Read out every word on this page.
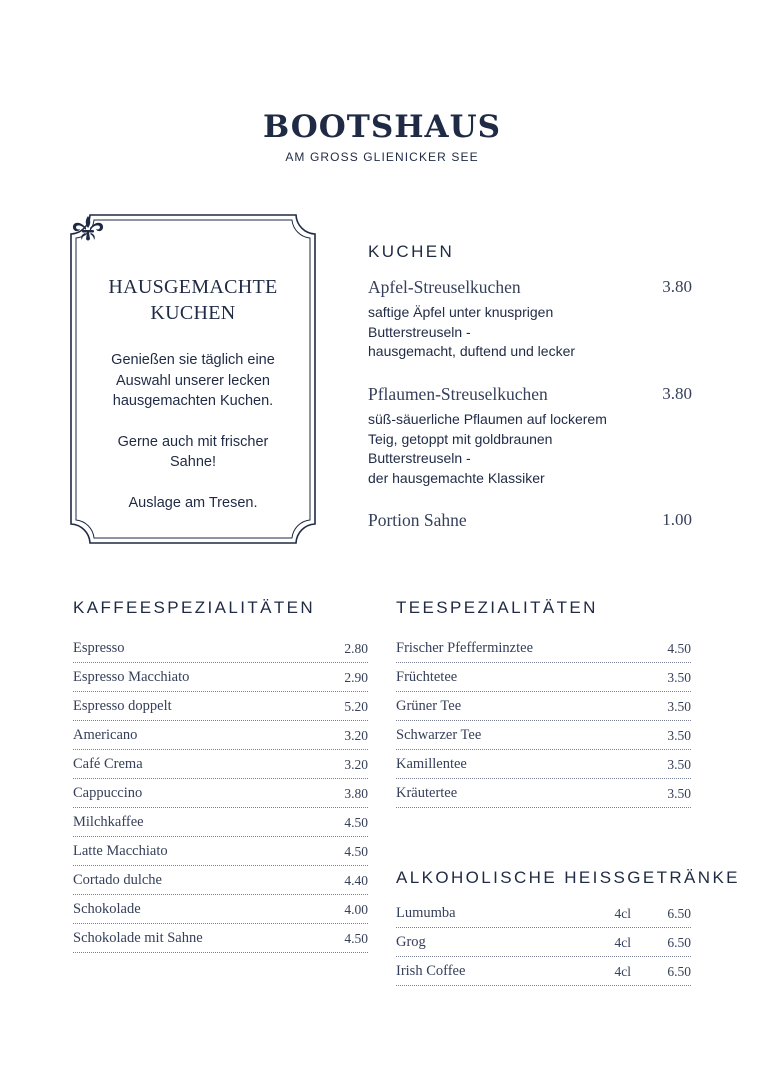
BOOTSHAUS
AM GROSS GLIENICKER SEE
HAUSGEMACHTE
KUCHEN

Genießen sie täglich eine Auswahl unserer lecken hausgemachten Kuchen.

Gerne auch mit frischer Sahne!

Auslage am Tresen.

KUCHEN
Apfel-Streuselkuchen	3.80
saftige Äpfel unter knusprigen
Butterstreuseln -
hausgemacht, duftend und lecker
Pflaumen-Streuselkuchen	3.80
süß-säuerliche Pflaumen auf lockerem
Teig, getoppt mit goldbraunen
Butterstreuseln -
der hausgemachte Klassiker
Portion Sahne	1.00
KAFFEESPEZIALITÄTEN
Espresso	2.80
Espresso Macchiato	2.90
Espresso doppelt	5.20
Americano	3.20
Café Crema	3.20
Cappuccino	3.80
Milchkaffee	4.50
Latte Macchiato	4.50
Cortado dulche	4.40
Schokolade	4.00
Schokolade mit Sahne	4.50
TEESPEZIALITÄTEN
Frischer Pfefferminztee	4.50
Früchtetee	3.50
Grüner Tee	3.50
Schwarzer Tee	3.50
Kamillentee	3.50
Kräutertee	3.50
ALKOHOLISCHE HEISSGETRÄNKE
Lumumba	4cl	6.50
Grog	4cl	6.50
Irish Coffee	4cl	6.50
